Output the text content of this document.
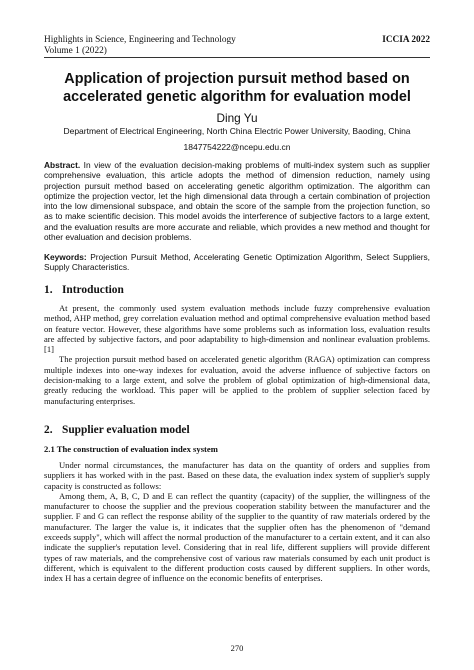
Highlights in Science, Engineering and Technology
Volume 1 (2022)
ICCIA 2022
Application of projection pursuit method based on accelerated genetic algorithm for evaluation model
Ding Yu
Department of Electrical Engineering, North China Electric Power University, Baoding, China
1847754222@ncepu.edu.cn
Abstract. In view of the evaluation decision-making problems of multi-index system such as supplier comprehensive evaluation, this article adopts the method of dimension reduction, namely using projection pursuit method based on accelerating genetic algorithm optimization. The algorithm can optimize the projection vector, let the high dimensional data through a certain combination of projection into the low dimensional subspace, and obtain the score of the sample from the projection function, so as to make scientific decision. This model avoids the interference of subjective factors to a large extent, and the evaluation results are more accurate and reliable, which provides a new method and thought for other evaluation and decision problems.
Keywords: Projection Pursuit Method, Accelerating Genetic Optimization Algorithm, Select Suppliers, Supply Characteristics.
1. Introduction

At present, the commonly used system evaluation methods include fuzzy comprehensive evaluation method, AHP method, grey correlation evaluation method and optimal comprehensive evaluation method based on feature vector. However, these algorithms have some problems such as information loss, evaluation results are affected by subjective factors, and poor adaptability to high-dimension and nonlinear evaluation problems. [1]

The projection pursuit method based on accelerated genetic algorithm (RAGA) optimization can compress multiple indexes into one-way indexes for evaluation, avoid the adverse influence of subjective factors on decision-making to a large extent, and solve the problem of global optimization of high-dimensional data, greatly reducing the workload. This paper will be applied to the problem of supplier selection faced by manufacturing enterprises.

2. Supplier evaluation model
2.1 The construction of evaluation index system

Under normal circumstances, the manufacturer has data on the quantity of orders and supplies from suppliers it has worked with in the past. Based on these data, the evaluation index system of supplier's supply capacity is constructed as follows:

Among them, A, B, C, D and E can reflect the quantity (capacity) of the supplier, the willingness of the manufacturer to choose the supplier and the previous cooperation stability between the manufacturer and the supplier. F and G can reflect the response ability of the supplier to the quantity of raw materials ordered by the manufacturer. The larger the value is, it indicates that the supplier often has the phenomenon of "demand exceeds supply", which will affect the normal production of the manufacturer to a certain extent, and it can also indicate the supplier's reputation level. Considering that in real life, different suppliers will provide different types of raw materials, and the comprehensive cost of various raw materials consumed by each unit product is different, which is equivalent to the different production costs caused by different suppliers. In other words, index H has a certain degree of influence on the economic benefits of enterprises.

270
